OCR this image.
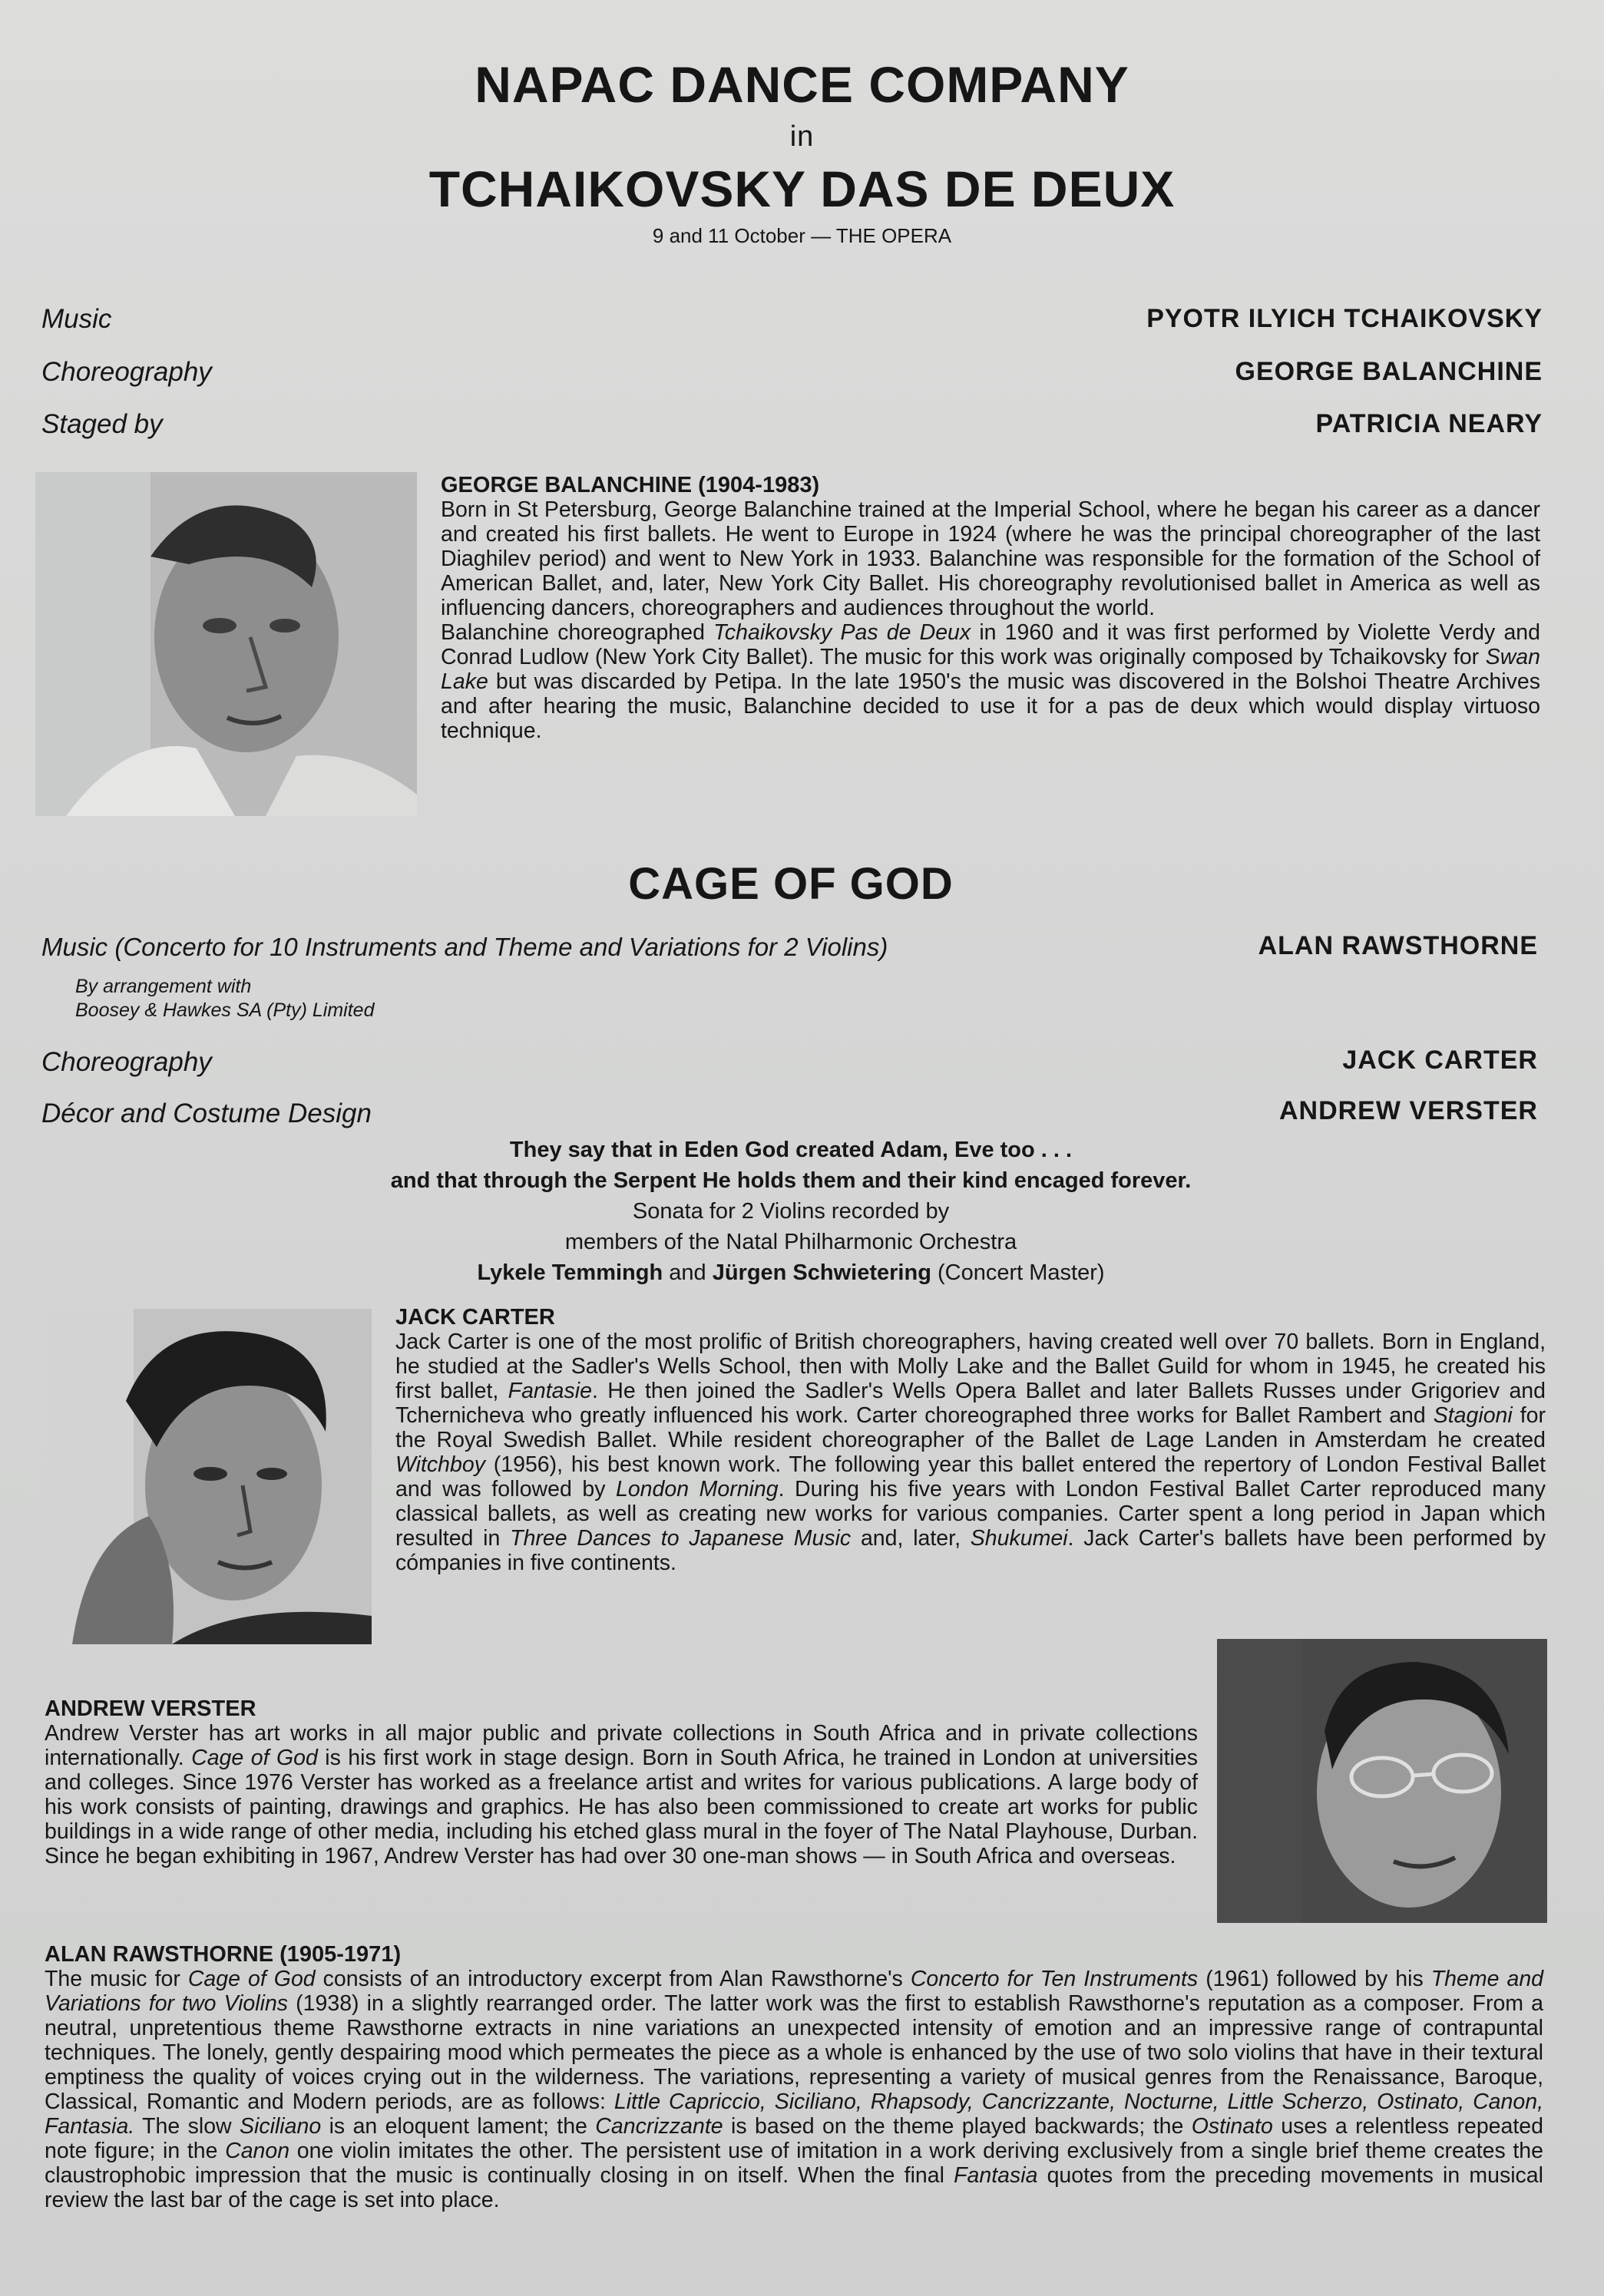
NAPAC DANCE COMPANY
in
TCHAIKOVSKY DAS DE DEUX
9 and 11 October — THE OPERA
Music	PYOTR ILYICH TCHAIKOVSKY
Choreography	GEORGE BALANCHINE
Staged by	PATRICIA NEARY
GEORGE BALANCHINE (1904-1983)

Born in St Petersburg, George Balanchine trained at the Imperial School, where he began his career as a dancer and created his first ballets. He went to Europe in 1924 (where he was the principal choreographer of the last Diaghilev period) and went to New York in 1933. Balanchine was responsible for the formation of the School of American Ballet, and, later, New York City Ballet. His choreography revolutionised ballet in America as well as influencing dancers, choreographers and audiences throughout the world.

Balanchine choreographed Tchaikovsky Pas de Deux in 1960 and it was first performed by Violette Verdy and Conrad Ludlow (New York City Ballet). The music for this work was originally composed by Tchaikovsky for Swan Lake but was discarded by Petipa. In the late 1950's the music was discovered in the Bolshoi Theatre Archives and after hearing the music, Balanchine decided to use it for a pas de deux which would display virtuoso technique.

CAGE OF GOD
Music (Concerto for 10 Instruments and Theme and Variations for 2 Violins)	ALAN RAWSTHORNE
By arrangement with
Boosey & Hawkes SA (Pty) Limited
Choreography	JACK CARTER
Décor and Costume Design	ANDREW VERSTER
They say that in Eden God created Adam, Eve too . . .
and that through the Serpent He holds them and their kind encaged forever.
Sonata for 2 Violins recorded by
members of the Natal Philharmonic Orchestra
Lykele Temmingh and Jürgen Schwietering (Concert Master)
JACK CARTER

Jack Carter is one of the most prolific of British choreographers, having created well over 70 ballets. Born in England, he studied at the Sadler's Wells School, then with Molly Lake and the Ballet Guild for whom in 1945, he created his first ballet, Fantasie. He then joined the Sadler's Wells Opera Ballet and later Ballets Russes under Grigoriev and Tchernicheva who greatly influenced his work. Carter choreographed three works for Ballet Rambert and Stagioni for the Royal Swedish Ballet. While resident choreographer of the Ballet de Lage Landen in Amsterdam he created Witchboy (1956), his best known work. The following year this ballet entered the repertory of London Festival Ballet and was followed by London Morning. During his five years with London Festival Ballet Carter reproduced many classical ballets, as well as creating new works for various companies. Carter spent a long period in Japan which resulted in Three Dances to Japanese Music and, later, Shukumei. Jack Carter's ballets have been performed by cómpanies in five continents.

ANDREW VERSTER

Andrew Verster has art works in all major public and private collections in South Africa and in private collections internationally. Cage of God is his first work in stage design. Born in South Africa, he trained in London at universities and colleges. Since 1976 Verster has worked as a freelance artist and writes for various publications. A large body of his work consists of painting, drawings and graphics. He has also been commissioned to create art works for public buildings in a wide range of other media, including his etched glass mural in the foyer of The Natal Playhouse, Durban. Since he began exhibiting in 1967, Andrew Verster has had over 30 one-man shows — in South Africa and overseas.

ALAN RAWSTHORNE (1905-1971)

The music for Cage of God consists of an introductory excerpt from Alan Rawsthorne's Concerto for Ten Instruments (1961) followed by his Theme and Variations for two Violins (1938) in a slightly rearranged order. The latter work was the first to establish Rawsthorne's reputation as a composer. From a neutral, unpretentious theme Rawsthorne extracts in nine variations an unexpected intensity of emotion and an impressive range of contrapuntal techniques. The lonely, gently despairing mood which permeates the piece as a whole is enhanced by the use of two solo violins that have in their textural emptiness the quality of voices crying out in the wilderness. The variations, representing a variety of musical genres from the Renaissance, Baroque, Classical, Romantic and Modern periods, are as follows: Little Capriccio, Siciliano, Rhapsody, Cancrizzante, Nocturne, Little Scherzo, Ostinato, Canon, Fantasia. The slow Siciliano is an eloquent lament; the Cancrizzante is based on the theme played backwards; the Ostinato uses a relentless repeated note figure; in the Canon one violin imitates the other. The persistent use of imitation in a work deriving exclusively from a single brief theme creates the claustrophobic impression that the music is continually closing in on itself. When the final Fantasia quotes from the preceding movements in musical review the last bar of the cage is set into place.
